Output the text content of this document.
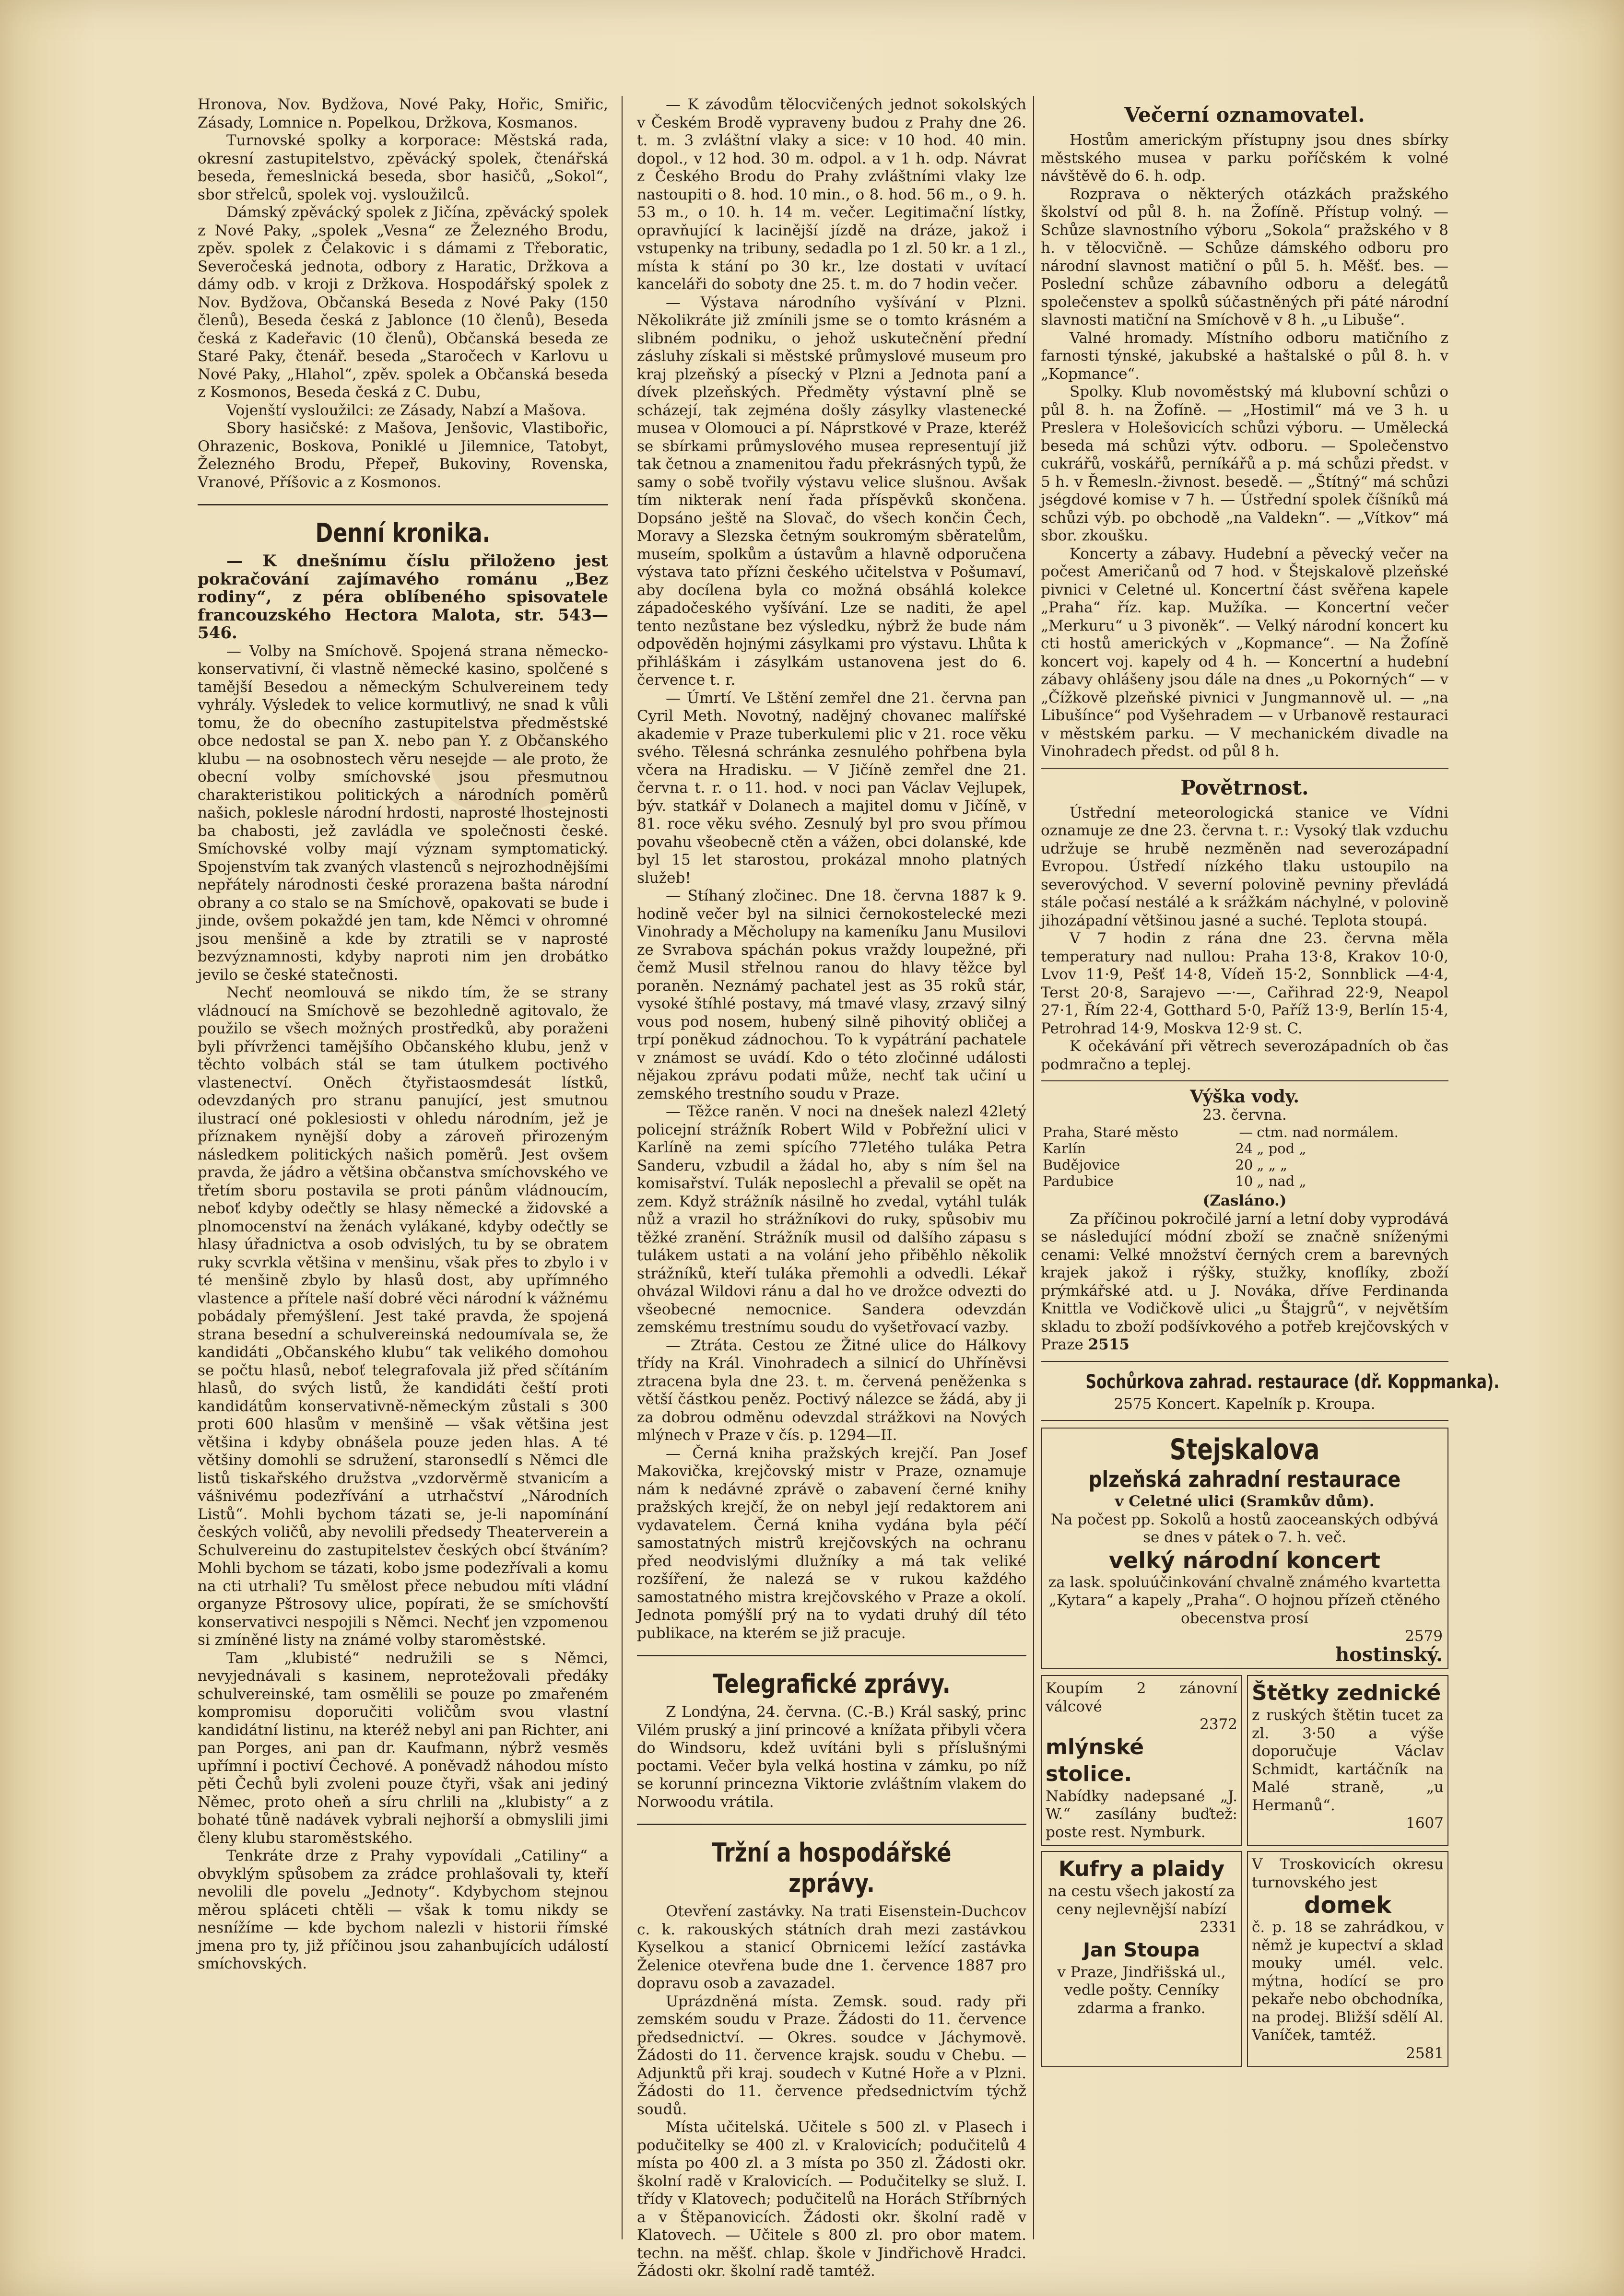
Hronova, Nov. Bydžova, Nové Paky, Hořic, Smiřic, Zásady, Lomnice n. Popelkou, Držkova, Kosmanos.

Turnovské spolky a korporace: Městská rada, okresní zastupitelstvo, zpěvácký spolek, čtenářská beseda, řemeslnická beseda, sbor hasičů, „Sokol“, sbor střelců, spolek voj. vysloužilců.

Dámský zpěvácký spolek z Jičína, zpěvácký spolek z Nové Paky, „spolek „Vesna“ ze Železného Brodu, zpěv. spolek z Čelakovic i s dámami z Třeboratic, Severočeská jednota, odbory z Haratic, Držkova a dámy odb. v kroji z Držkova. Hospodářský spolek z Nov. Bydžova, Občanská Beseda z Nové Paky (150 členů), Beseda česká z Jablonce (10 členů), Beseda česká z Kadeřavic (10 členů), Občanská beseda ze Staré Paky, čtenář. beseda „Staročech v Karlovu u Nové Paky, „Hlahol“, zpěv. spolek a Občanská beseda z Kosmonos, Beseda česká z C. Dubu,

Vojenští vysloužilci: ze Zásady, Nabzí a Mašova.

Sbory hasičské: z Mašova, Jenšovic, Vlastibořic, Ohrazenic, Boskova, Poniklé u Jilemnice, Tatobyt, Železného Brodu, Přepeř, Bukoviny, Rovenska, Vranové, Příšovic a z Kosmonos.

Denní kronika.

— K dnešnímu číslu přiloženo jest pokračování zajímavého románu „Bez rodiny“, z péra oblíbeného spisovatele francouzského Hectora Malota, str. 543—546.

— Volby na Smíchově. Spojená strana německo-konservativní, či vlastně německé kasino, spolčené s tamější Besedou a německým Schulvereinem tedy vyhrály. Výsledek to velice kormutlivý, ne snad k vůli tomu, že do obecního zastupitelstva předměstské obce nedostal se pan X. nebo pan Y. z Občanského klubu — na osobnostech věru nesejde — ale proto, že obecní volby smíchovské jsou přesmutnou charakteristikou politických a národních poměrů našich, poklesle národní hrdosti, naprosté lhostejnosti ba chabosti, jež zavládla ve společnosti české. Smíchovské volby mají význam symptomatický. Spojenstvím tak zvaných vlastenců s nejrozhodnějšími nepřátely národnosti české prorazena bašta národní obrany a co stalo se na Smíchově, opakovati se bude i jinde, ovšem pokaždé jen tam, kde Němci v ohromné jsou menšině a kde by ztratili se v naprosté bezvýznamnosti, kdyby naproti nim jen drobátko jevilo se české statečnosti.

Nechť neomlouvá se nikdo tím, že se strany vládnoucí na Smíchově se bezohledně agitovalo, že použilo se všech možných prostředků, aby poraženi byli přívrženci tamějšího Občanského klubu, jenž v těchto volbách stál se tam útulkem poctivého vlastenectví. Oněch čtyřistaosmdesát lístků, odevzdaných pro stranu panující, jest smutnou ilustrací oné poklesiosti v ohledu národním, jež je příznakem nynější doby a zároveň přirozeným následkem politických našich poměrů. Jest ovšem pravda, že jádro a většina občanstva smíchovského ve třetím sboru postavila se proti pánům vládnoucím, neboť kdyby odečtly se hlasy německé a židovské a plnomocenství na ženách vylákané, kdyby odečtly se hlasy úřadnictva a osob odvislých, tu by se obratem ruky scvrkla většina v menšinu, však přes to zbylo i v té menšině zbylo by hlasů dost, aby upřímného vlastence a přítele naší dobré věci národní k vážnému pobádaly přemýšlení. Jest také pravda, že spojená strana besední a schulvereinská nedoumívala se, že kandidáti „Občanského klubu“ tak velikého domohou se počtu hlasů, neboť telegrafovala již před sčítáním hlasů, do svých listů, že kandidáti čeští proti kandidátům konservativně-německým zůstali s 300 proti 600 hlasům v menšině — však většina jest většina i kdyby obnášela pouze jeden hlas. A té většiny domohli se sdružení, staronsedlí s Němci dle listů tiskařského družstva „vzdorvěrmě stvanicím a vášnivému podezřívání a utrhačství „Národních Listů“. Mohli bychom tázati se, je-li napomínání českých voličů, aby nevolili předsedy Theaterverein a Schulvereinu do zastupitelstev českých obcí štváním? Mohli bychom se tázati, kobo jsme podezřívali a komu na cti utrhali? Tu smělost přece nebudou míti vládní organyze Pštrosovy ulice, popírati, že se smíchovští konservativci nespojili s Němci. Nechť jen vzpomenou si zmíněné listy na známé volby staroměstské.

Tam „klubisté“ nedružili se s Němci, nevyjednávali s kasinem, neprotežovali předáky schulvereinské, tam osmělili se pouze po zmařeném kompromisu doporučiti voličům svou vlastní kandidátní listinu, na kteréž nebyl ani pan Richter, ani pan Porges, ani pan dr. Kaufmann, nýbrž vesměs upřímní i poctiví Čechové. A poněvadž náhodou místo pěti Čechů byli zvoleni pouze čtyři, však ani jediný Němec, proto oheň a síru chrlili na „klubisty“ a z bohaté tůně nadávek vybrali nejhorší a obmyslili jimi členy klubu staroměstského.

Tenkráte drze z Prahy vypovídali „Catiliny“ a obvyklým spůsobem za zrádce prohlašovali ty, kteří nevolili dle povelu „Jednoty“. Kdybychom stejnou měrou spláceti chtěli — však k tomu nikdy se nesnížíme — kde bychom nalezli v historii římské jmena pro ty, již příčinou jsou zahanbujících událostí smíchovských.

— K závodům tělocvičených jednot sokolských v Českém Brodě vypraveny budou z Prahy dne 26. t. m. 3 zvláštní vlaky a sice: v 10 hod. 40 min. dopol., v 12 hod. 30 m. odpol. a v 1 h. odp. Návrat z Českého Brodu do Prahy zvláštními vlaky lze nastoupiti o 8. hod. 10 min., o 8. hod. 56 m., o 9. h. 53 m., o 10. h. 14 m. večer. Legitimační lístky, opravňující k lacinější jízdě na dráze, jakož i vstupenky na tribuny, sedadla po 1 zl. 50 kr. a 1 zl., místa k stání po 30 kr., lze dostati v uvítací kanceláři do soboty dne 25. t. m. do 7 hodin večer.

— Výstava národního vyšívání v Plzni. Několikráte již zmínili jsme se o tomto krásném a slibném podniku, o jehož uskutečnění přední zásluhy získali si městské průmyslové museum pro kraj plzeňský a písecký v Plzni a Jednota paní a dívek plzeňských. Předměty výstavní plně se scházejí, tak zejména došly zásylky vlastenecké musea v Olomouci a pí. Náprstkové v Praze, kteréž se sbírkami průmyslového musea representují již tak četnou a znamenitou řadu překrásných typů, že samy o sobě tvořily výstavu velice slušnou. Avšak tím nikterak není řada příspěvků skončena. Dopsáno ještě na Slovač, do všech končin Čech, Moravy a Slezska četným soukromým sběratelům, museím, spolkům a ústavům a hlavně odporučena výstava tato přízni českého učitelstva v Pošumaví, aby docílena byla co možná obsáhlá kolekce západočeského vyšívání. Lze se naditi, že apel tento nezůstane bez výsledku, nýbrž že bude nám odpověděn hojnými zásylkami pro výstavu. Lhůta k přihláškám i zásylkám ustanovena jest do 6. července t. r.

— Úmrtí. Ve Lštění zemřel dne 21. června pan Cyril Meth. Novotný, nadějný chovanec malířské akademie v Praze tuberkulemi plic v 21. roce věku svého. Tělesná schránka zesnulého pohřbena byla včera na Hradisku. — V Jičíně zemřel dne 21. června t. r. o 11. hod. v noci pan Václav Vejlupek, býv. statkář v Dolanech a majitel domu v Jičíně, v 81. roce věku svého. Zesnulý byl pro svou přímou povahu všeobecně ctěn a vážen, obci dolanské, kde byl 15 let starostou, prokázal mnoho platných služeb!

— Stíhaný zločinec. Dne 18. června 1887 k 9. hodině večer byl na silnici černokostelecké mezi Vinohrady a Měcholupy na kameníku Janu Musilovi ze Svrabova spáchán pokus vraždy loupežné, při čemž Musil střelnou ranou do hlavy těžce byl poraněn. Neznámý pachatel jest as 35 roků stár, vysoké štíhlé postavy, má tmavé vlasy, zrzavý silný vous pod nosem, hubený silně pihovitý obličej a trpí poněkud zádnochou. To k vypátrání pachatele v známost se uvádí. Kdo o této zločinné události nějakou zprávu podati může, nechť tak učiní u zemského trestního soudu v Praze.

— Těžce raněn. V noci na dnešek nalezl 42letý policejní strážník Robert Wild v Pobřežní ulici v Karlíně na zemi spícího 77letého tuláka Petra Sanderu, vzbudil a žádal ho, aby s ním šel na komisařství. Tulák neposlechl a převalil se opět na zem. Když strážník násilně ho zvedal, vytáhl tulák nůž a vrazil ho strážníkovi do ruky, spůsobiv mu těžké zranění. Strážník musil od dalšího zápasu s tulákem ustati a na volání jeho přiběhlo několik strážníků, kteří tuláka přemohli a odvedli. Lékař ohvázal Wildovi ránu a dal ho ve drožce odvezti do všeobecné nemocnice. Sandera odevzdán zemskému trestnímu soudu do vyšetřovací vazby.

— Ztráta. Cestou ze Žitné ulice do Hálkovy třídy na Král. Vinohradech a silnicí do Uhříněvsi ztracena byla dne 23. t. m. červená peněženka s větší částkou peněz. Poctivý nálezce se žádá, aby ji za dobrou odměnu odevzdal strážkovi na Nových mlýnech v Praze v čís. p. 1294—II.

— Černá kniha pražských krejčí. Pan Josef Makovička, krejčovský mistr v Praze, oznamuje nám k nedávné zprávě o zabavení černé knihy pražských krejčí, že on nebyl její redaktorem ani vydavatelem. Černá kniha vydána byla péčí samostatných mistrů krejčovských na ochranu před neodvislými dlužníky a má tak veliké rozšíření, že nalezá se v rukou každého samostatného mistra krejčovského v Praze a okolí. Jednota pomýšlí prý na to vydati druhý díl této publikace, na kterém se již pracuje.

Telegrafické zprávy.

Z Londýna, 24. června. (C.-B.) Král saský, princ Vilém pruský a jiní princové a knížata přibyli včera do Windsoru, kdež uvítáni byli s příslušnými poctami. Večer byla velká hostina v zámku, po níž se korunní princezna Viktorie zvláštním vlakem do Norwoodu vrátila.

Tržní a hospodářské zprávy.

Otevření zastávky. Na trati Eisenstein-Duchcov c. k. rakouských státních drah mezi zastávkou Kyselkou a stanicí Obrnicemi ležící zastávka Želenice otevřena bude dne 1. července 1887 pro dopravu osob a zavazadel.

Uprázdněná místa. Zemsk. soud. rady při zemském soudu v Praze. Žádosti do 11. července předsednictví. — Okres. soudce v Jáchymově. Žádosti do 11. července krajsk. soudu v Chebu. — Adjunktů při kraj. soudech v Kutné Hoře a v Plzni. Žádosti do 11. července předsednictvím týchž soudů.

Místa učitelská. Učitele s 500 zl. v Plasech i podučitelky se 400 zl. v Kralovicích; podučitelů 4 místa po 400 zl. a 3 místa po 350 zl. Žádosti okr. školní radě v Kralovicích. — Podučitelky se služ. I. třídy v Klatovech; podučitelů na Horách Stříbrných a v Štěpanovicích. Žádosti okr. školní radě v Klatovech. — Učitele s 800 zl. pro obor matem. techn. na měšť. chlap. škole v Jindřichově Hradci. Žádosti okr. školní radě tamtéž.

Večerní oznamovatel.

Hostům americkým přístupny jsou dnes sbírky městského musea v parku poříčském k volné návštěvě do 6. h. odp.

Rozprava o některých otázkách pražského školství od půl 8. h. na Žofíně. Přístup volný. — Schůze slavnostního výboru „Sokola“ pražského v 8 h. v tělocvičně. — Schůze dámského odboru pro národní slavnost matiční o půl 5. h. Měšť. bes. — Poslední schůze zábavního odboru a delegátů společenstev a spolků súčastněných při páté národní slavnosti matiční na Smíchově v 8 h. „u Libuše“.

Valné hromady. Místního odboru matičního z farnosti týnské, jakubské a haštalské o půl 8. h. v „Kopmance“.

Spolky. Klub novoměstský má klubovní schůzi o půl 8. h. na Žofíně. — „Hostimil“ má ve 3 h. u Preslera v Holešovicích schůzi výboru. — Umělecká beseda má schůzi výtv. odboru. — Společenstvo cukrářů, voskářů, perníkářů a p. má schůzi předst. v 5 h. v Řemesln.-živnost. besedě. — „Štítný“ má schůzi jségdové komise v 7 h. — Ústřední spolek číšníků má schůzi výb. po obchodě „na Valdekn“. — „Vítkov“ má sbor. zkoušku.

Koncerty a zábavy. Hudební a pěvecký večer na počest Američanů od 7 hod. v Štejskalově plzeňské pivnici v Celetné ul. Koncertní část svěřena kapele „Praha“ říz. kap. Mužíka. — Koncertní večer „Merkuru“ u 3 pivoněk“. — Velký národní koncert ku cti hostů amerických v „Kopmance“. — Na Žofíně koncert voj. kapely od 4 h. — Koncertní a hudební zábavy ohlášeny jsou dále na dnes „u Pokorných“ — v „Čížkově plzeňské pivnici v Jungmannově ul. — „na Libušínce“ pod Vyšehradem — v Urbanově restauraci v městském parku. — V mechanickém divadle na Vinohradech předst. od půl 8 h.

Povětrnost.

Ústřední meteorologická stanice ve Vídni oznamuje ze dne 23. června t. r.: Vysoký tlak vzduchu udržuje se hrubě nezměněn nad severozápadní Evropou. Ústředí nízkého tlaku ustoupilo na severovýchod. V severní polovině pevniny převládá stále počasí nestálé a k srážkám náchylné, v polovině jihozápadní většinou jasné a suché. Teplota stoupá.

V 7 hodin z rána dne 23. června měla temperatury nad nullou: Praha 13·8, Krakov 10·0, Lvov 11·9, Pešť 14·8, Vídeň 15·2, Sonnblick —4·4, Terst 20·8, Sarajevo —·—, Cařihrad 22·9, Neapol 27·1, Řím 22·4, Gotthard 5·0, Paříž 13·9, Berlín 15·4, Petrohrad 14·9, Moskva 12·9 st. C.

K očekávání při větrech severozápadních ob čas podmračno a teplej.

Výška vody.
23. června.
Praha, Staré město	—	ctm. nad normálem.
Karlín	24	„ pod „
Budějovice	20	„ „ „
Pardubice	10	„ nad „
(Zasláno.)

Za příčinou pokročilé jarní a letní doby vyprodává se následující módní zboží se značně sníženými cenami: Velké množství černých crem a barevných krajek jakož i rýšky, stužky, knoflíky, zboží prýmkářské atd. u J. Nováka, dříve Ferdinanda Knittla ve Vodičkově ulici „u Štajgrů“, v největším skladu to zboží podšívkového a potřeb krejčovských v Praze 2515

Sochůrkova zahrad. restaurace (dř. Koppmanka).
2575 Koncert. Kapelník p. Kroupa.
Stejskalova
plzeňská zahradní restaurace
v Celetné ulici (Sramkův dům).
Na počest pp. Sokolů a hostů zaoceanských odbývá se dnes v pátek o 7. h. več.
velký národní koncert
za lask. spoluúčinkování chvalně známého kvartetta „Kytara“ a kapely „Praha“. O hojnou přízeň ctěného obecenstva prosí
2579
hostinský.
Koupím 2 zánovní válcové
2372
mlýnské stolice.
Nabídky nadepsané „J. W.“ zasílány buďtež: poste rest. Nymburk.
Štětky zednické
z ruských štětin tucet za zl. 3·50 a výše doporučuje Václav Schmidt, kartáčník na Malé straně, „u Hermanů“.
1607
Kufry a plaidy
na cestu všech jakostí za ceny nejlevnější nabízí
2331
Jan Stoupa
v Praze, Jindřišská ul., vedle pošty. Cenníky zdarma a franko.
V Troskovicích okresu turnovského jest
domek
č. p. 18 se zahrádkou, v němž je kupectví a sklad mouky umél. velc. mýtna, hodící se pro pekaře nebo obchodníka, na prodej. Bližší sdělí Al. Vaníček, tamtéž.
2581
